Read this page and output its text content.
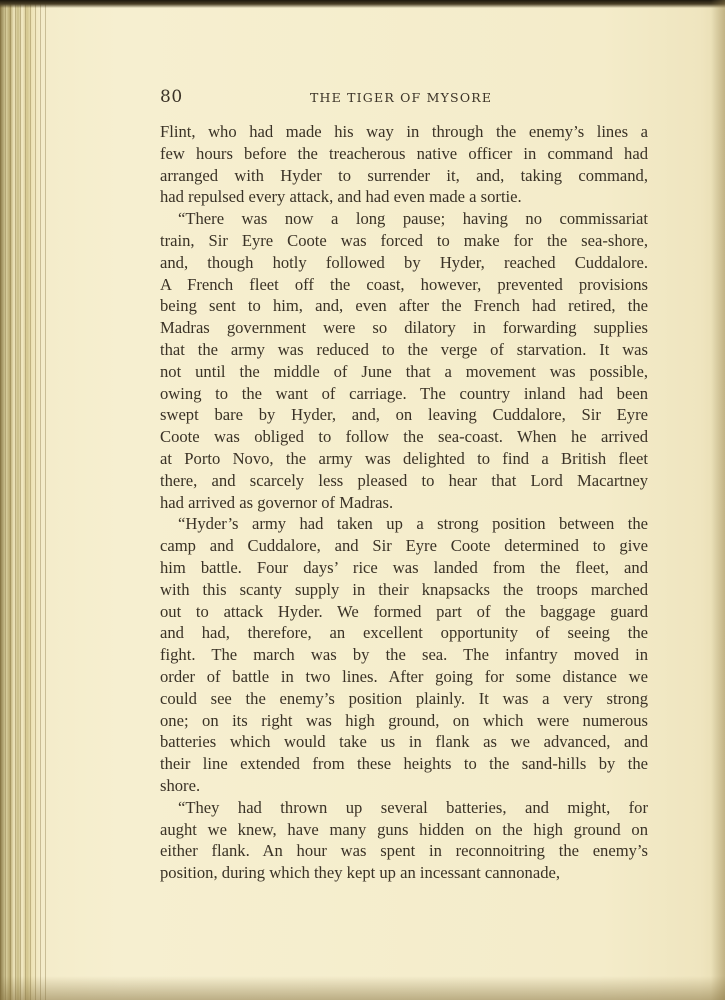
80	THE TIGER OF MYSORE
Flint, who had made his way in through the enemy’s lines a
few hours before the treacherous native officer in command had
arranged with Hyder to surrender it, and, taking command,
had repulsed every attack, and had even made a sortie.
“There was now a long pause; having no commissariat
train, Sir Eyre Coote was forced to make for the sea-shore,
and, though hotly followed by Hyder, reached Cuddalore.
A French fleet off the coast, however, prevented provisions
being sent to him, and, even after the French had retired, the
Madras government were so dilatory in forwarding supplies
that the army was reduced to the verge of starvation. It was
not until the middle of June that a movement was possible,
owing to the want of carriage. The country inland had been
swept bare by Hyder, and, on leaving Cuddalore, Sir Eyre
Coote was obliged to follow the sea-coast. When he arrived
at Porto Novo, the army was delighted to find a British fleet
there, and scarcely less pleased to hear that Lord Macartney
had arrived as governor of Madras.
“Hyder’s army had taken up a strong position between the
camp and Cuddalore, and Sir Eyre Coote determined to give
him battle. Four days’ rice was landed from the fleet, and
with this scanty supply in their knapsacks the troops marched
out to attack Hyder. We formed part of the baggage guard
and had, therefore, an excellent opportunity of seeing the
fight. The march was by the sea. The infantry moved in
order of battle in two lines. After going for some distance we
could see the enemy’s position plainly. It was a very strong
one; on its right was high ground, on which were numerous
batteries which would take us in flank as we advanced, and
their line extended from these heights to the sand-hills by the
shore.
“They had thrown up several batteries, and might, for
aught we knew, have many guns hidden on the high ground on
either flank. An hour was spent in reconnoitring the enemy’s
position, during which they kept up an incessant cannonade,
